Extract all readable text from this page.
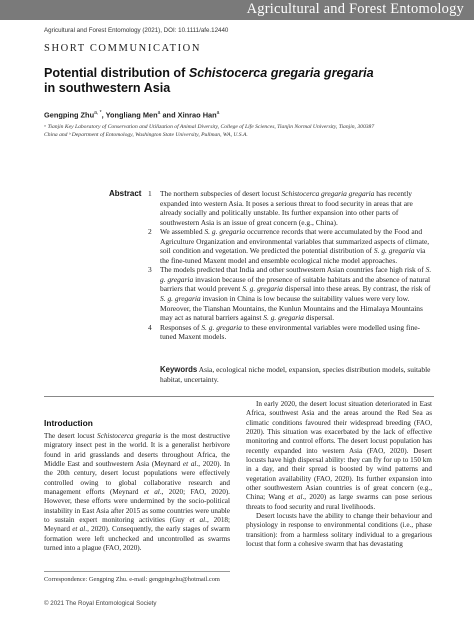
Agricultural and Forest Entomology
Agricultural and Forest Entomology (2021), DOI: 10.1111/afe.12440
SHORT COMMUNICATION
Potential distribution of Schistocerca gregaria gregaria
in southwestern Asia
Gengping Zhu$^{a, *}$, Yongliang Men$^a$ and Xinrao Han$^a$
ᵃ Tianjin Key Laboratory of Conservation and Utilization of Animal Diversity, College of Life Sciences, Tianjin Normal University, Tianjin, 300387
China and ᵇ Department of Entomology, Washington State University, Pullman, WA, U.S.A.
Abstract 1 The northern subspecies of desert locust Schistocerca gregaria gregaria has recently expanded into western Asia. It poses a serious threat to food security in areas that are already socially and politically unstable. Its further expansion into other parts of southwestern Asia is an issue of great concern (e.g., China).
2 We assembled S. g. gregaria occurrence records that were accumulated by the Food and Agriculture Organization and environmental variables that summarized aspects of climate, soil condition and vegetation. We predicted the potential distribution of S. g. gregaria via the fine-tuned Maxent model and ensemble ecological niche model approaches.
3 The models predicted that India and other southwestern Asian countries face high risk of S. g. gregaria invasion because of the presence of suitable habitats and the absence of natural barriers that would prevent S. g. gregaria dispersal into these areas. By contrast, the risk of S. g. gregaria invasion in China is low because the suitability values were very low. Moreover, the Tianshan Mountains, the Kunlun Mountains and the Himalaya Mountains may act as natural barriers against S. g. gregaria dispersal.
4 Responses of S. g. gregaria to these environmental variables were modelled using fine-tuned Maxent models.
Keywords Asia, ecological niche model, expansion, species distribution models, suitable habitat, uncertainty.
Introduction

The desert locust Schistocerca gregaria is the most destructive migratory insect pest in the world. It is a generalist herbivore found in arid grasslands and deserts throughout Africa, the Middle East and southwestern Asia (Meynard et al., 2020). In the 20th century, desert locust populations were effectively controlled owing to global collaborative research and management efforts (Meynard et al., 2020; FAO, 2020). However, these efforts were undermined by the socio-political instability in East Asia after 2015 as some countries were unable to sustain expert monitoring activities (Guy et al., 2018; Meynard et al., 2020). Consequently, the early stages of swarm formation were left unchecked and uncontrolled as swarms turned into a plague (FAO, 2020).

In early 2020, the desert locust situation deteriorated in East Africa, southwest Asia and the areas around the Red Sea as climatic conditions favoured their widespread breeding (FAO, 2020). This situation was exacerbated by the lack of effective monitoring and control efforts. The desert locust population has recently expanded into western Asia (FAO, 2020). Desert locusts have high dispersal ability: they can fly for up to 150 km in a day, and their spread is boosted by wind patterns and vegetation availability (FAO, 2020). Its further expansion into other southwestern Asian countries is of great concern (e.g., China; Wang et al., 2020) as large swarms can pose serious threats to food security and rural livelihoods.

Desert locusts have the ability to change their behaviour and physiology in response to environmental conditions (i.e., phase transition): from a harmless solitary individual to a gregarious locust that form a cohesive swarm that has devastating

Correspondence: Gengping Zhu. e-mail: gengpingzhu@hotmail.com
© 2021 The Royal Entomological Society
